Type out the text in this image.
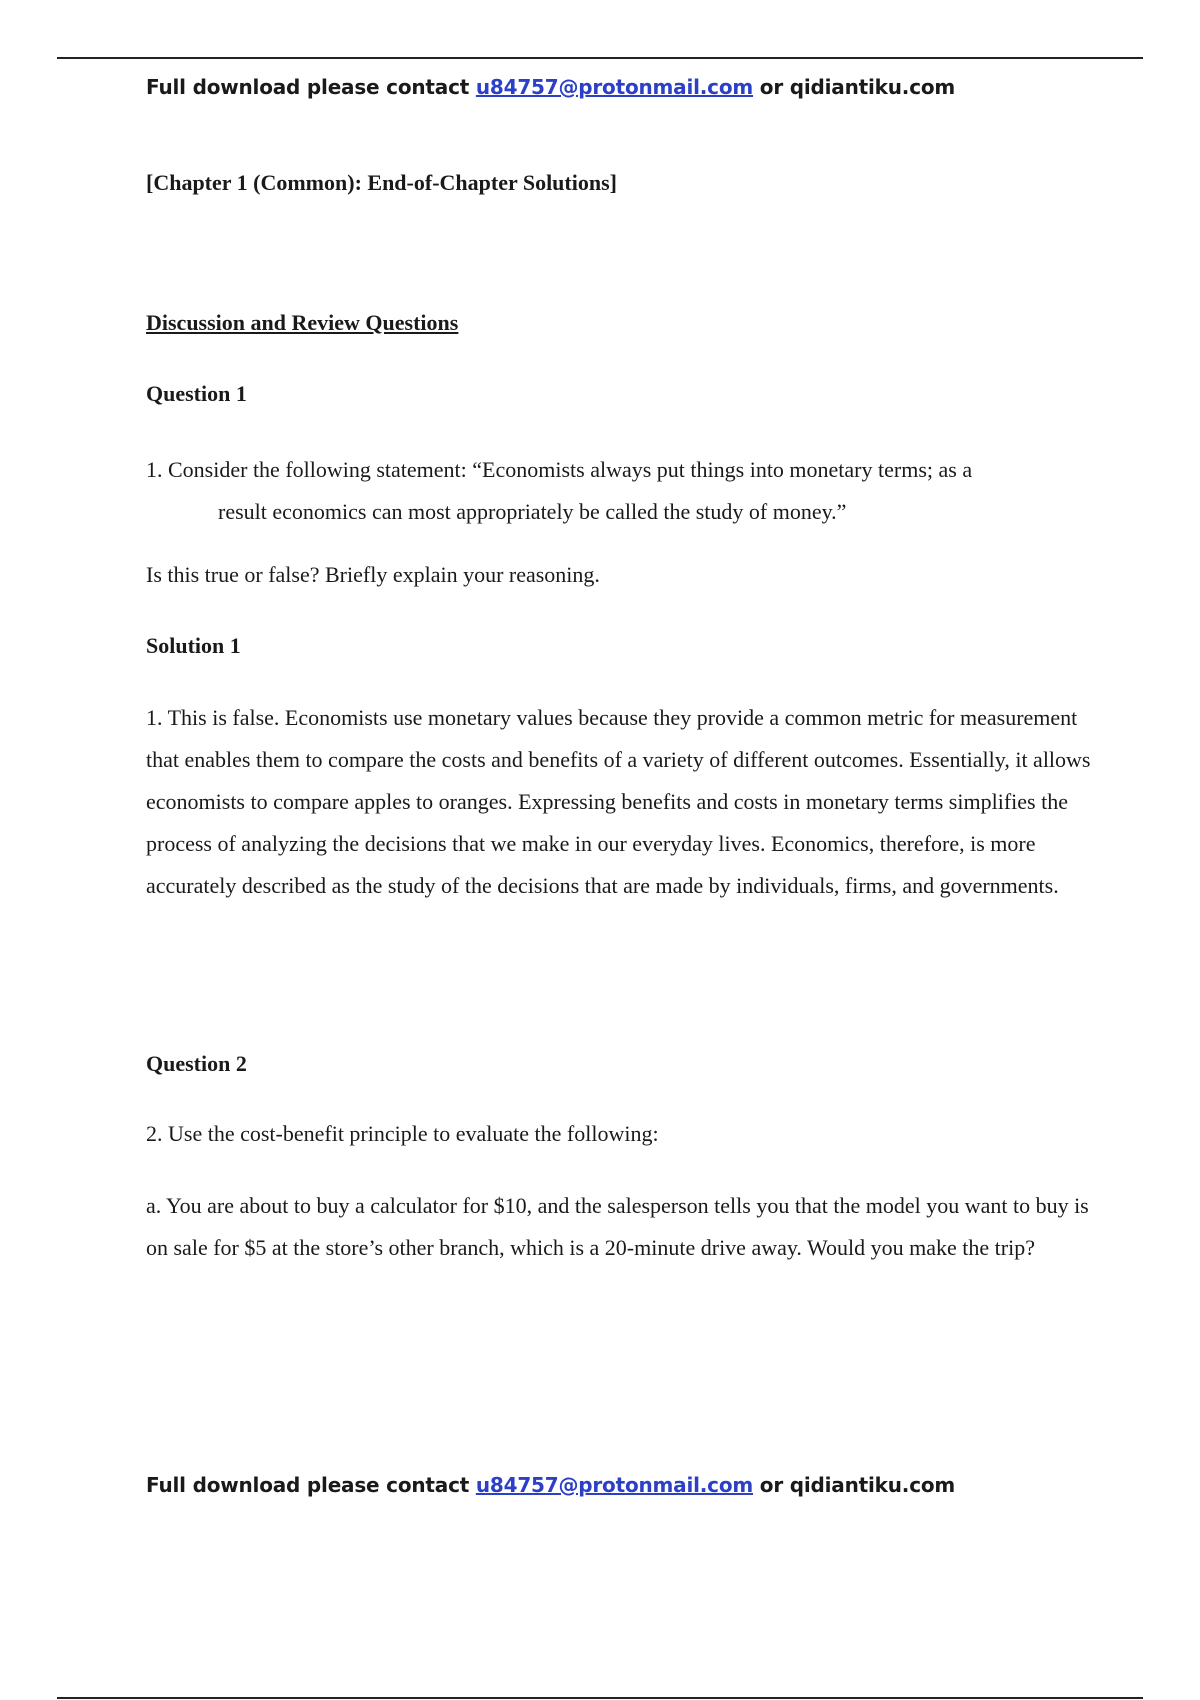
Full download please contact u84757@protonmail.com or qidiantiku.com
[Chapter 1 (Common): End-of-Chapter Solutions]
Discussion and Review Questions
Question 1
1. Consider the following statement: “Economists always put things into monetary terms; as a
result economics can most appropriately be called the study of money.”
Is this true or false? Briefly explain your reasoning.
Solution 1
1. This is false. Economists use monetary values because they provide a common metric for measurement that enables them to compare the costs and benefits of a variety of different outcomes. Essentially, it allows economists to compare apples to oranges. Expressing benefits and costs in monetary terms simplifies the process of analyzing the decisions that we make in our everyday lives. Economics, therefore, is more accurately described as the study of the decisions that are made by individuals, firms, and governments.
Question 2
2. Use the cost-benefit principle to evaluate the following:
a. You are about to buy a calculator for $10, and the salesperson tells you that the model you want to buy is on sale for $5 at the store’s other branch, which is a 20-minute drive away. Would you make the trip?
Full download please contact u84757@protonmail.com or qidiantiku.com
